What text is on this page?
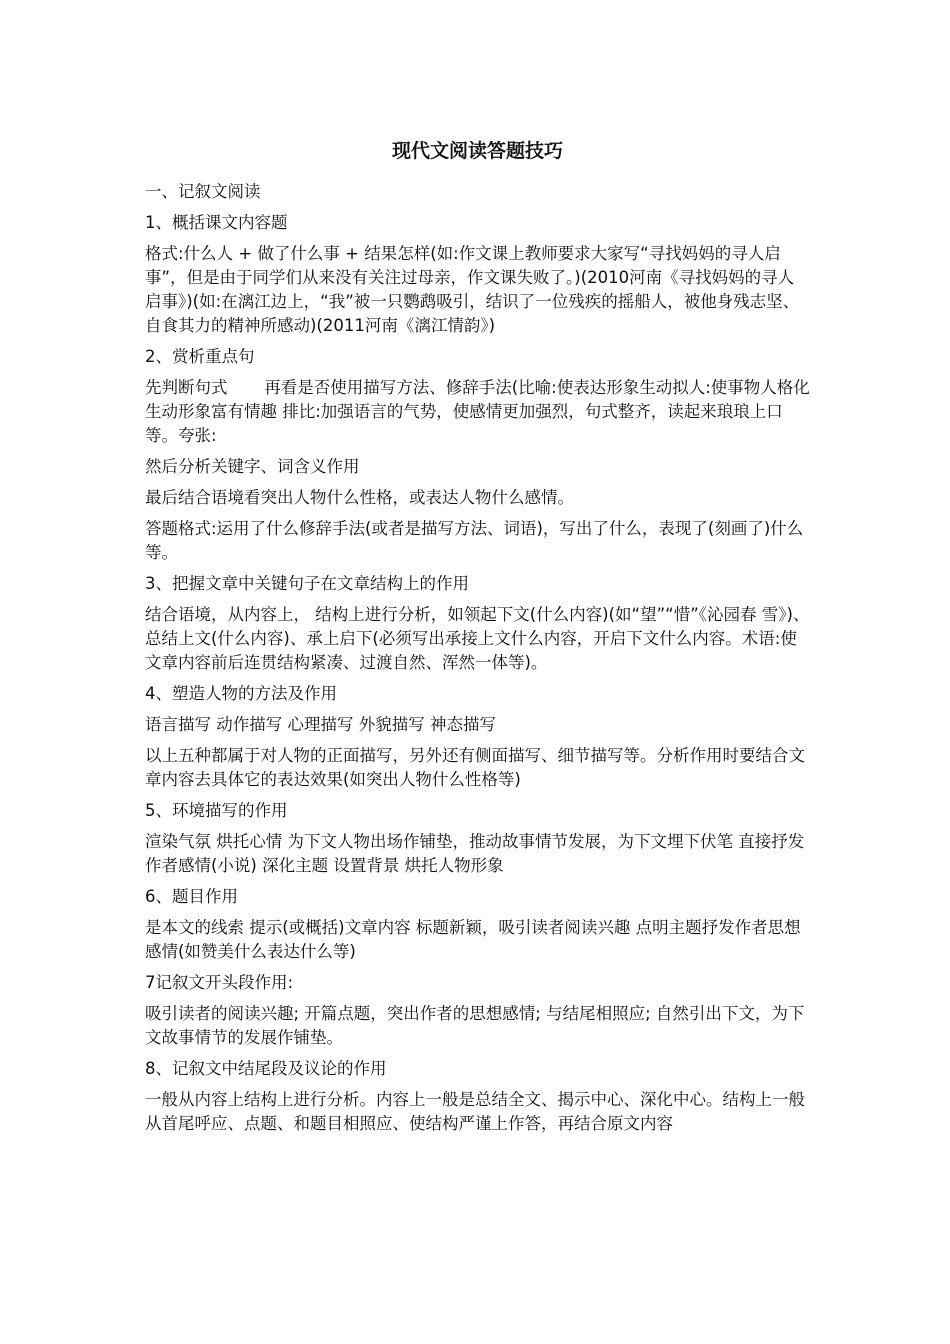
现代文阅读答题技巧
一、记叙文阅读
1、概括课文内容题
格式:什么人 + 做了什么事 + 结果怎样(如:作文课上教师要求大家写“寻找妈妈的寻人启事”，但是由于同学们从来没有关注过母亲，作文课失败了。)(2010河南《寻找妈妈的寻人启事》)(如:在漓江边上，“我”被一只鹦鹉吸引，结识了一位残疾的摇船人，被他身残志坚、自食其力的精神所感动)(2011河南《漓江情韵》)
2、赏析重点句
先判断句式       再看是否使用描写方法、修辞手法(比喻:使表达形象生动拟人:使事物人格化生动形象富有情趣 排比:加强语言的气势，使感情更加强烈，句式整齐，读起来琅琅上口等。夸张:
然后分析关键字、词含义作用
最后结合语境看突出人物什么性格，或表达人物什么感情。
答题格式:运用了什么修辞手法(或者是描写方法、词语)，写出了什么，表现了(刻画了)什么等。
3、把握文章中关键句子在文章结构上的作用
结合语境，从内容上， 结构上进行分析，如领起下文(什么内容)(如“望”“惜”《沁园春 雪》)、总结上文(什么内容)、承上启下(必须写出承接上文什么内容，开启下文什么内容。术语:使文章内容前后连贯结构紧凑、过渡自然、浑然一体等)。
4、塑造人物的方法及作用
语言描写 动作描写 心理描写 外貌描写 神态描写
以上五种都属于对人物的正面描写，另外还有侧面描写、细节描写等。分析作用时要结合文章内容去具体它的表达效果(如突出人物什么性格等)
5、环境描写的作用
渲染气氛 烘托心情 为下文人物出场作铺垫，推动故事情节发展，为下文埋下伏笔 直接抒发作者感情(小说) 深化主题 设置背景 烘托人物形象
6、题目作用
是本文的线索 提示(或概括)文章内容 标题新颖，吸引读者阅读兴趣 点明主题抒发作者思想感情(如赞美什么表达什么等)
7记叙文开头段作用:
吸引读者的阅读兴趣; 开篇点题，突出作者的思想感情; 与结尾相照应; 自然引出下文，为下文故事情节的发展作铺垫。
8、记叙文中结尾段及议论的作用
一般从内容上结构上进行分析。内容上一般是总结全文、揭示中心、深化中心。结构上一般从首尾呼应、点题、和题目相照应、使结构严谨上作答，再结合原文内容
